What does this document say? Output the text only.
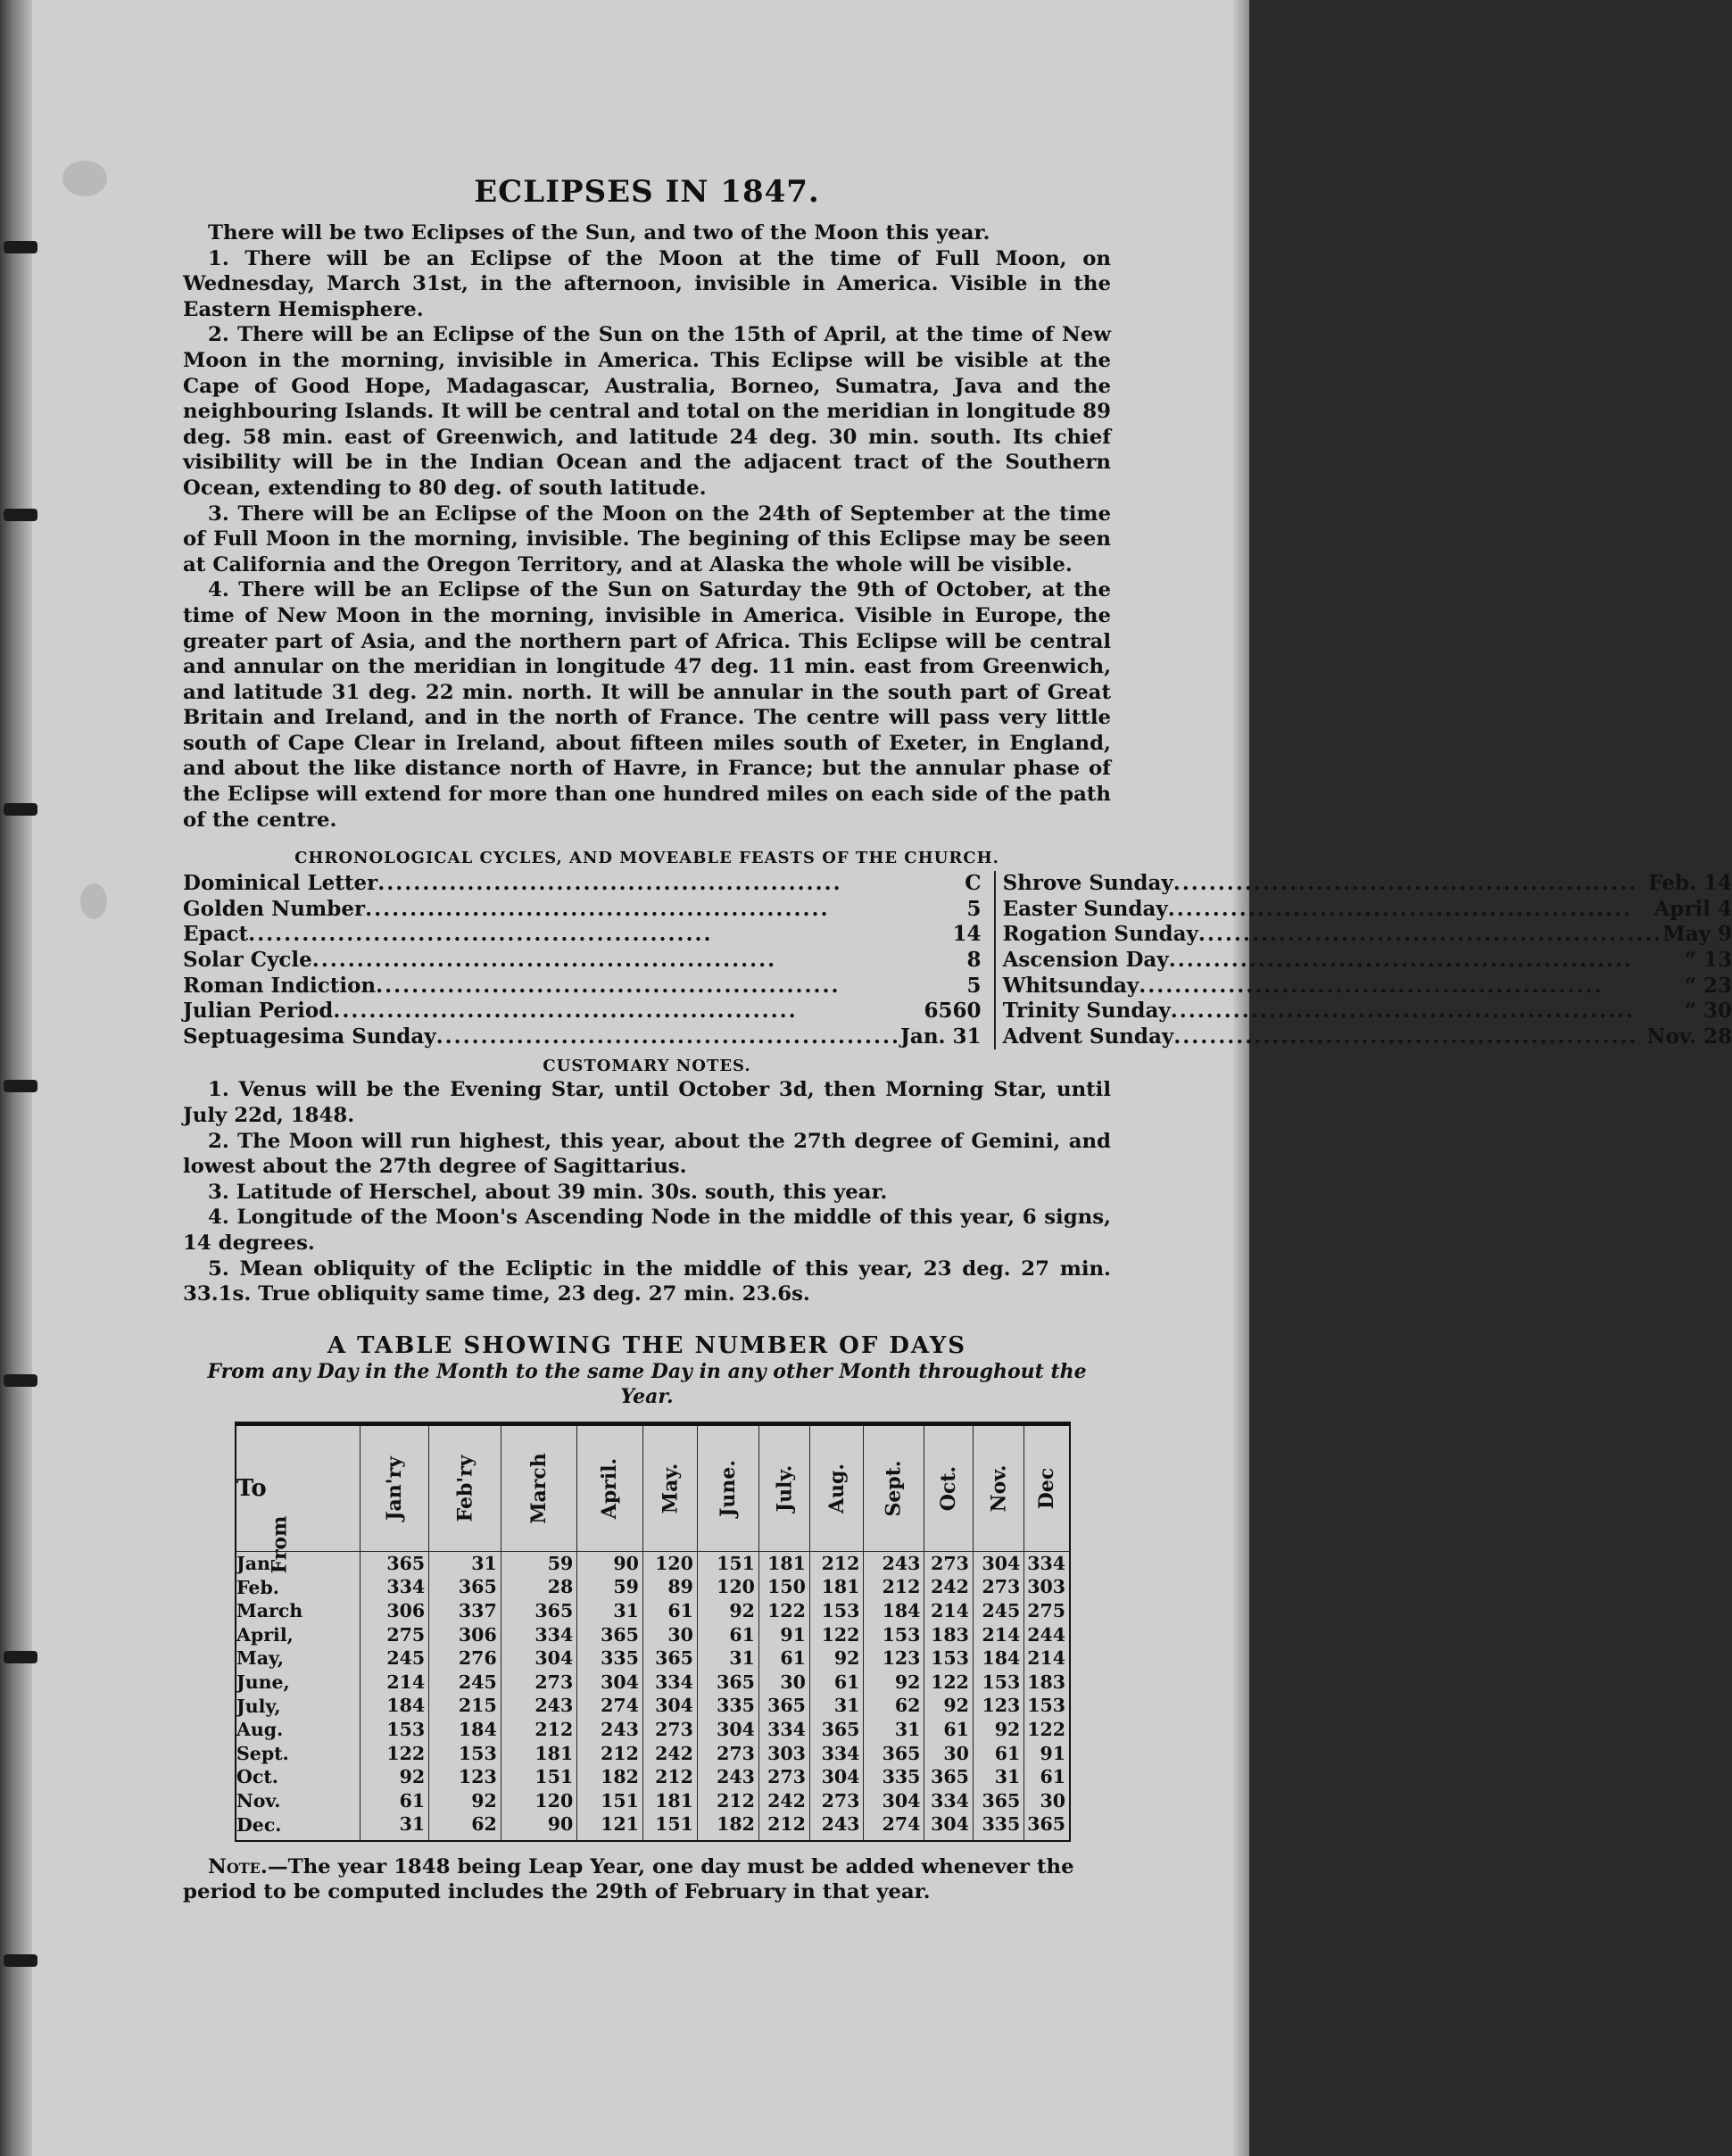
ECLIPSES IN 1847.

There will be two Eclipses of the Sun, and two of the Moon this year.

1. There will be an Eclipse of the Moon at the time of Full Moon, on Wednesday, March 31st, in the afternoon, invisible in America. Visible in the Eastern Hemisphere.

2. There will be an Eclipse of the Sun on the 15th of April, at the time of New Moon in the morning, invisible in America. This Eclipse will be visible at the Cape of Good Hope, Madagascar, Australia, Borneo, Sumatra, Java and the neighbouring Islands. It will be central and total on the meridian in longitude 89 deg. 58 min. east of Greenwich, and latitude 24 deg. 30 min. south. Its chief visibility will be in the Indian Ocean and the adjacent tract of the Southern Ocean, extending to 80 deg. of south latitude.

3. There will be an Eclipse of the Moon on the 24th of September at the time of Full Moon in the morning, invisible. The begining of this Eclipse may be seen at California and the Oregon Territory, and at Alaska the whole will be visible.

4. There will be an Eclipse of the Sun on Saturday the 9th of October, at the time of New Moon in the morning, invisible in America. Visible in Europe, the greater part of Asia, and the northern part of Africa. This Eclipse will be central and annular on the meridian in longitude 47 deg. 11 min. east from Greenwich, and latitude 31 deg. 22 min. north. It will be annular in the south part of Great Britain and Ireland, and in the north of France. The centre will pass very little south of Cape Clear in Ireland, about fifteen miles south of Exeter, in England, and about the like distance north of Havre, in France; but the annular phase of the Eclipse will extend for more than one hundred miles on each side of the path of the centre.

CHRONOLOGICAL CYCLES, AND MOVEABLE FEASTS OF THE CHURCH.
Dominical Letter .....	C
Golden Number .....	5
Epact .....	14
Solar Cycle .....	8
Roman Indiction .....	5
Julian Period .....	6560
Septuagesima Sunday .....	Jan. 31
Shrove Sunday .....	Feb. 14
Easter Sunday .....	April 4
Rogation Sunday .....	May 9
Ascension Day .....	“ 13
Whitsunday .....	“ 23
Trinity Sunday .....	“ 30
Advent Sunday .....	Nov. 28
CUSTOMARY NOTES.

1. Venus will be the Evening Star, until October 3d, then Morning Star, until July 22d, 1848.

2. The Moon will run highest, this year, about the 27th degree of Gemini, and lowest about the 27th degree of Sagittarius.

3. Latitude of Herschel, about 39 min. 30s. south, this year.

4. Longitude of the Moon's Ascending Node in the middle of this year, 6 signs, 14 degrees.

5. Mean obliquity of the Ecliptic in the middle of this year, 23 deg. 27 min. 33.1s. True obliquity same time, 23 deg. 27 min. 23.6s.

A TABLE SHOWING THE NUMBER OF DAYS
From any Day in the Month to the same Day in any other Month throughout the Year.
To	Jan'ry	Feb'ry	March	April.	May.	June.	July.	Aug.	Sept.	Oct.	Nov.	Dec
Jan.	365	31	59	90	120	151	181	212	243	273	304	334
Feb.	334	365	28	59	89	120	150	181	212	242	273	303
March	306	337	365	31	61	92	122	153	184	214	245	275
April,	275	306	334	365	30	61	91	122	153	183	214	244
May,	245	276	304	335	365	31	61	92	123	153	184	214
June,	214	245	273	304	334	365	30	61	92	122	153	183
July,	184	215	243	274	304	335	365	31	62	92	123	153
Aug.	153	184	212	243	273	304	334	365	31	61	92	122
Sept.	122	153	181	212	242	273	303	334	365	30	61	91
Oct.	92	123	151	182	212	243	273	304	335	365	31	61
Nov.	61	92	120	151	181	212	242	273	304	334	365	30
Dec.	31	62	90	121	151	182	212	243	274	304	335	365
From

Note.—The year 1848 being Leap Year, one day must be added whenever the period to be computed includes the 29th of February in that year.
